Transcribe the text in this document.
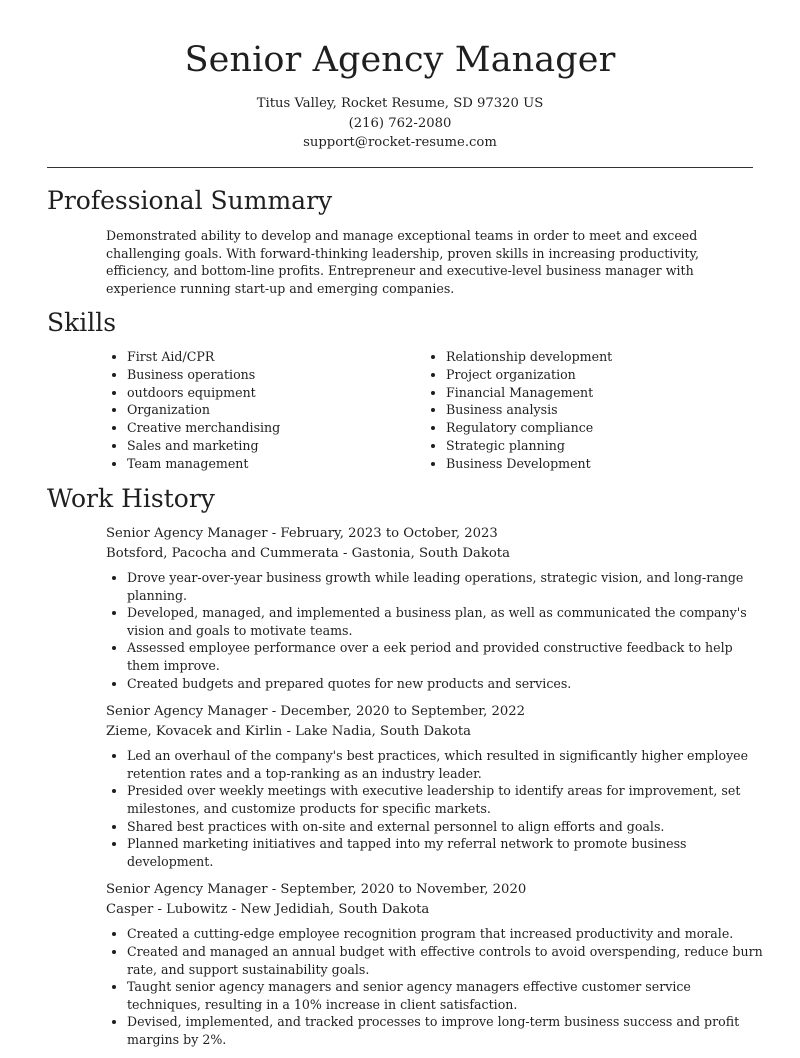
Senior Agency Manager
Titus Valley, Rocket Resume, SD 97320 US
(216) 762-2080
support@rocket-resume.com
Professional Summary

Demonstrated ability to develop and manage exceptional teams in order to meet and exceed challenging goals. With forward-thinking leadership, proven skills in increasing productivity, efficiency, and bottom-line profits. Entrepreneur and executive-level business manager with experience running start-up and emerging companies.

Skills
• First Aid/CPR
• Business operations
• outdoors equipment
• Organization
• Creative merchandising
• Sales and marketing
• Team management
• Relationship development
• Project organization
• Financial Management
• Business analysis
• Regulatory compliance
• Strategic planning
• Business Development
Work History
Senior Agency Manager - February, 2023 to October, 2023
Botsford, Pacocha and Cummerata - Gastonia, South Dakota
• Drove year-over-year business growth while leading operations, strategic vision, and long-range planning.
• Developed, managed, and implemented a business plan, as well as communicated the company's vision and goals to motivate teams.
• Assessed employee performance over a eek period and provided constructive feedback to help them improve.
• Created budgets and prepared quotes for new products and services.
Senior Agency Manager - December, 2020 to September, 2022
Zieme, Kovacek and Kirlin - Lake Nadia, South Dakota
• Led an overhaul of the company's best practices, which resulted in significantly higher employee retention rates and a top-ranking as an industry leader.
• Presided over weekly meetings with executive leadership to identify areas for improvement, set milestones, and customize products for specific markets.
• Shared best practices with on-site and external personnel to align efforts and goals.
• Planned marketing initiatives and tapped into my referral network to promote business development.
Senior Agency Manager - September, 2020 to November, 2020
Casper - Lubowitz - New Jedidiah, South Dakota
• Created a cutting-edge employee recognition program that increased productivity and morale.
• Created and managed an annual budget with effective controls to avoid overspending, reduce burn rate, and support sustainability goals.
• Taught senior agency managers and senior agency managers effective customer service techniques, resulting in a 10% increase in client satisfaction.
• Devised, implemented, and tracked processes to improve long-term business success and profit margins by 2%.
